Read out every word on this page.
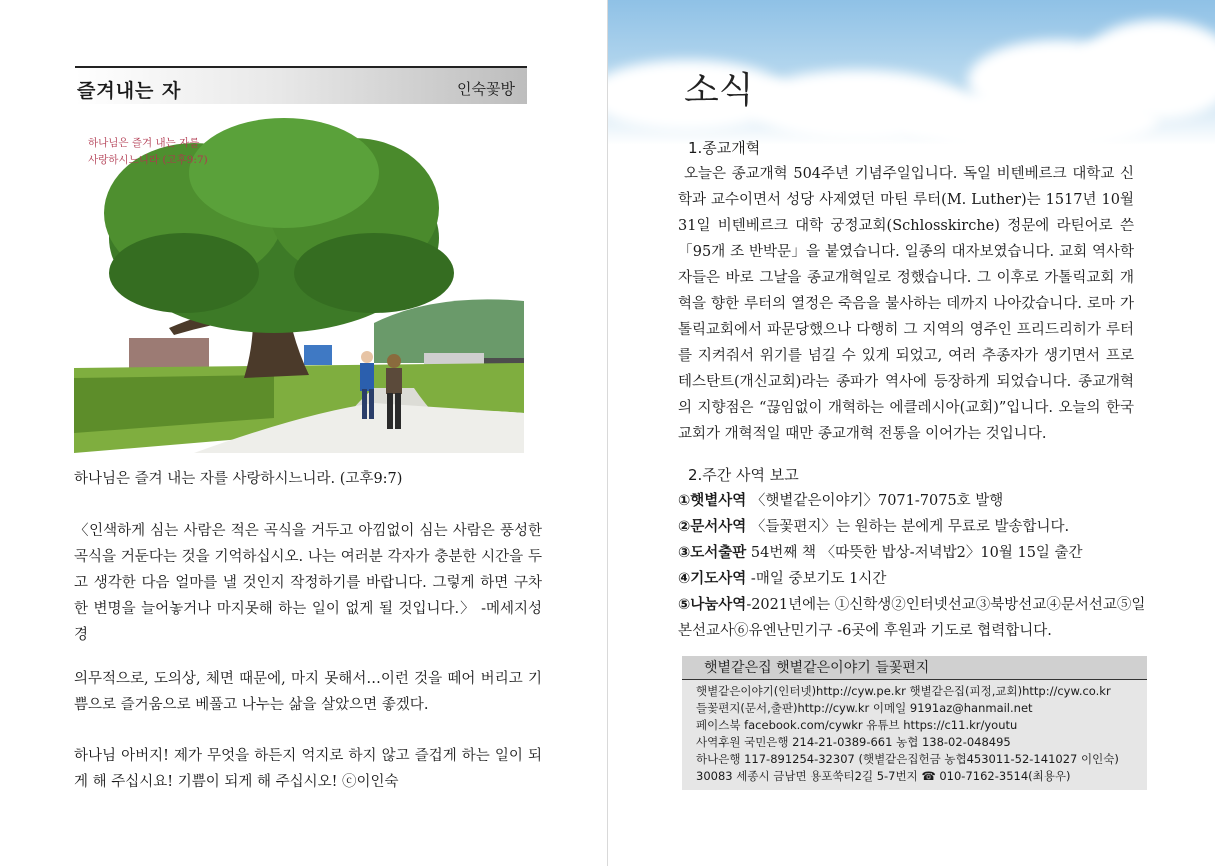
즐겨내는 자	인숙꽃방
하나님은 즐겨 내는 자를
사랑하시느니라 (고후9:7)
하나님은 즐겨 내는 자를 사랑하시느니라. (고후9:7)
〈인색하게 심는 사람은 적은 곡식을 거두고 아낌없이 심는 사람은 풍성한 곡식을 거둔다는 것을 기억하십시오. 나는 여러분 각자가 충분한 시간을 두고 생각한 다음 얼마를 낼 것인지 작정하기를 바랍니다. 그렇게 하면 구차한 변명을 늘어놓거나 마지못해 하는 일이 없게 될 것입니다.〉 -메세지성경
의무적으로, 도의상, 체면 때문에, 마지 못해서…이런 것을 떼어 버리고 기쁨으로 즐거움으로 베풀고 나누는 삶을 살았으면 좋겠다.
하나님 아버지! 제가 무엇을 하든지 억지로 하지 않고 즐겁게 하는 일이 되게 해 주십시요! 기쁨이 되게 해 주십시오! ⓒ이인숙
소식
1.종교개혁
오늘은 종교개혁 504주년 기념주일입니다. 독일 비텐베르크 대학교 신학과 교수이면서 성당 사제였던 마틴 루터(M. Luther)는 1517년 10월 31일 비텐베르크 대학 궁정교회(Schlosskirche) 정문에 라틴어로 쓴 「95개 조 반박문」을 붙였습니다. 일종의 대자보였습니다. 교회 역사학자들은 바로 그날을 종교개혁일로 정했습니다. 그 이후로 가톨릭교회 개혁을 향한 루터의 열정은 죽음을 불사하는 데까지 나아갔습니다. 로마 가톨릭교회에서 파문당했으나 다행히 그 지역의 영주인 프리드리히가 루터를 지켜줘서 위기를 넘길 수 있게 되었고, 여러 추종자가 생기면서 프로테스탄트(개신교회)라는 종파가 역사에 등장하게 되었습니다. 종교개혁의 지향점은 “끊임없이 개혁하는 에클레시아(교회)”입니다. 오늘의 한국교회가 개혁적일 때만 종교개혁 전통을 이어가는 것입니다.
2.주간 사역 보고
①햇볕사역 〈햇볕같은이야기〉7071-7075호 발행
②문서사역 〈들꽃편지〉는 원하는 분에게 무료로 발송합니다.
③도서출판 54번째 책 〈따뜻한 밥상-저녁밥2〉10월 15일 출간
④기도사역 -매일 중보기도 1시간
⑤나눔사역-2021년에는 ①신학생②인터넷선교③북방선교④문서선교⑤일
본선교사⑥유엔난민기구 -6곳에 후원과 기도로 협력합니다.
햇볕같은집 햇볕같은이야기 들꽃편지
햇볕같은이야기(인터넷)http://cyw.pe.kr 햇볕같은집(피정,교회)http://cyw.co.kr
들꽃편지(문서,출판)http://cyw.kr 이메일 9191az@hanmail.net
페이스북 facebook.com/cywkr 유튜브 https://c11.kr/youtu
사역후원 국민은행 214-21-0389-661 농협 138-02-048495
하나은행 117-891254-32307 (햇볕같은집헌금 농협453011-52-141027 이인숙)
30083 세종시 금남면 용포쑥티2길 5-7번지 ☎ 010-7162-3514(최용우)
